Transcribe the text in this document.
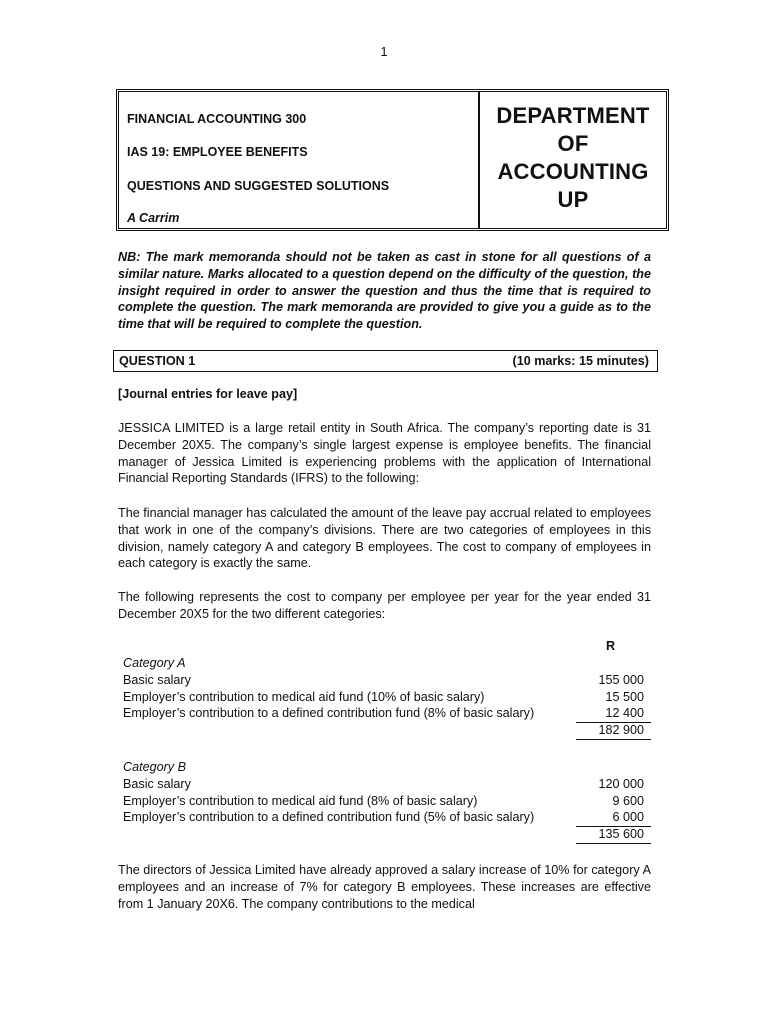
1
FINANCIAL ACCOUNTING 300
IAS 19: EMPLOYEE BENEFITS
QUESTIONS AND SUGGESTED SOLUTIONS
A Carrim
DEPARTMENT
OF
ACCOUNTING
UP
NB: The mark memoranda should not be taken as cast in stone for all questions of a similar nature. Marks allocated to a question depend on the difficulty of the question, the insight required in order to answer the question and thus the time that is required to complete the question. The mark memoranda are provided to give you a guide as to the time that will be required to complete the question.
QUESTION 1	(10 marks: 15 minutes)
[Journal entries for leave pay]
JESSICA LIMITED is a large retail entity in South Africa. The company’s reporting date is 31 December 20X5. The company’s single largest expense is employee benefits. The financial manager of Jessica Limited is experiencing problems with the application of International Financial Reporting Standards (IFRS) to the following:
The financial manager has calculated the amount of the leave pay accrual related to employees that work in one of the company’s divisions. There are two categories of employees in this division, namely category A and category B employees. The cost to company of employees in each category is exactly the same.
The following represents the cost to company per employee per year for the year ended 31 December 20X5 for the two different categories:
R
Category A
Basic salary	155 000
Employer’s contribution to medical aid fund (10% of basic salary)	15 500
Employer’s contribution to a defined contribution fund (8% of basic salary)	12 400
182 900
Category B
Basic salary	120 000
Employer’s contribution to medical aid fund (8% of basic salary)	9 600
Employer’s contribution to a defined contribution fund (5% of basic salary)	6 000
135 600
The directors of Jessica Limited have already approved a salary increase of 10% for category A employees and an increase of 7% for category B employees. These increases are effective from 1 January 20X6. The company contributions to the medical
